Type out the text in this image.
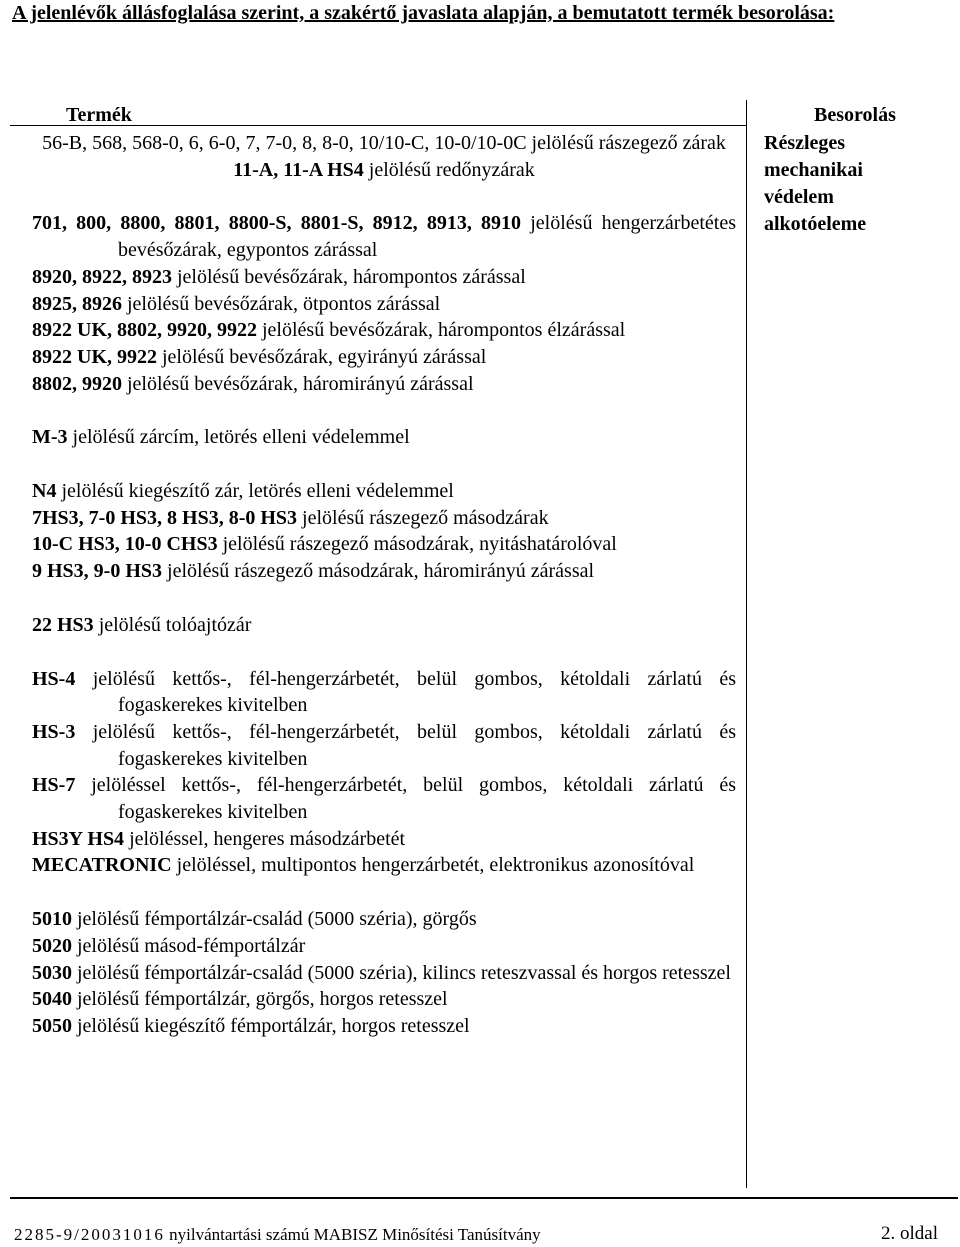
A jelenlévők állásfoglalása szerint, a szakértő javaslata alapján, a bemutatott termék besorolása:
Termék	Besorolás
Részleges mechanikai védelem alkotóeleme
56-B, 568, 568-0, 6, 6-0, 7, 7-0, 8, 8-0, 10/10-C, 10-0/10-0C jelölésű rászegező zárak
11-A, 11-A HS4 jelölésű redőnyzárak
701, 800, 8800, 8801, 8800-S, 8801-S, 8912, 8913, 8910 jelölésű hengerzárbetétes bevésőzárak, egypontos zárással
8920, 8922, 8923 jelölésű bevésőzárak, hárompontos zárással
8925, 8926 jelölésű bevésőzárak, ötpontos zárással
8922 UK, 8802, 9920, 9922 jelölésű bevésőzárak, hárompontos élzárással
8922 UK, 9922 jelölésű bevésőzárak, egyirányú zárással
8802, 9920 jelölésű bevésőzárak, háromirányú zárással
M-3 jelölésű zárcím, letörés elleni védelemmel
N4 jelölésű kiegészítő zár, letörés elleni védelemmel
7HS3, 7-0 HS3, 8 HS3, 8-0 HS3 jelölésű rászegező másodzárak
10-C HS3, 10-0 CHS3 jelölésű rászegező másodzárak, nyitáshatárolóval
9 HS3, 9-0 HS3 jelölésű rászegező másodzárak, háromirányú zárással
22 HS3 jelölésű tolóajtózár
HS-4 jelölésű kettős-, fél-hengerzárbetét, belül gombos, kétoldali zárlatú és fogaskerekes kivitelben
HS-3 jelölésű kettős-, fél-hengerzárbetét, belül gombos, kétoldali zárlatú és fogaskerekes kivitelben
HS-7 jelöléssel kettős-, fél-hengerzárbetét, belül gombos, kétoldali zárlatú és fogaskerekes kivitelben
HS3Y HS4 jelöléssel, hengeres másodzárbetét
MECATRONIC jelöléssel, multipontos hengerzárbetét, elektronikus azonosítóval
5010 jelölésű fémportálzár-család (5000 széria), görgős
5020 jelölésű másod-fémportálzár
5030 jelölésű fémportálzár-család (5000 széria), kilincs reteszvassal és horgos retesszel
5040 jelölésű fémportálzár, görgős, horgos retesszel
5050 jelölésű kiegészítő fémportálzár, horgos retesszel
2285-9/20031016 nyilvántartási számú MABISZ Minősítési Tanúsítvány	2. oldal
